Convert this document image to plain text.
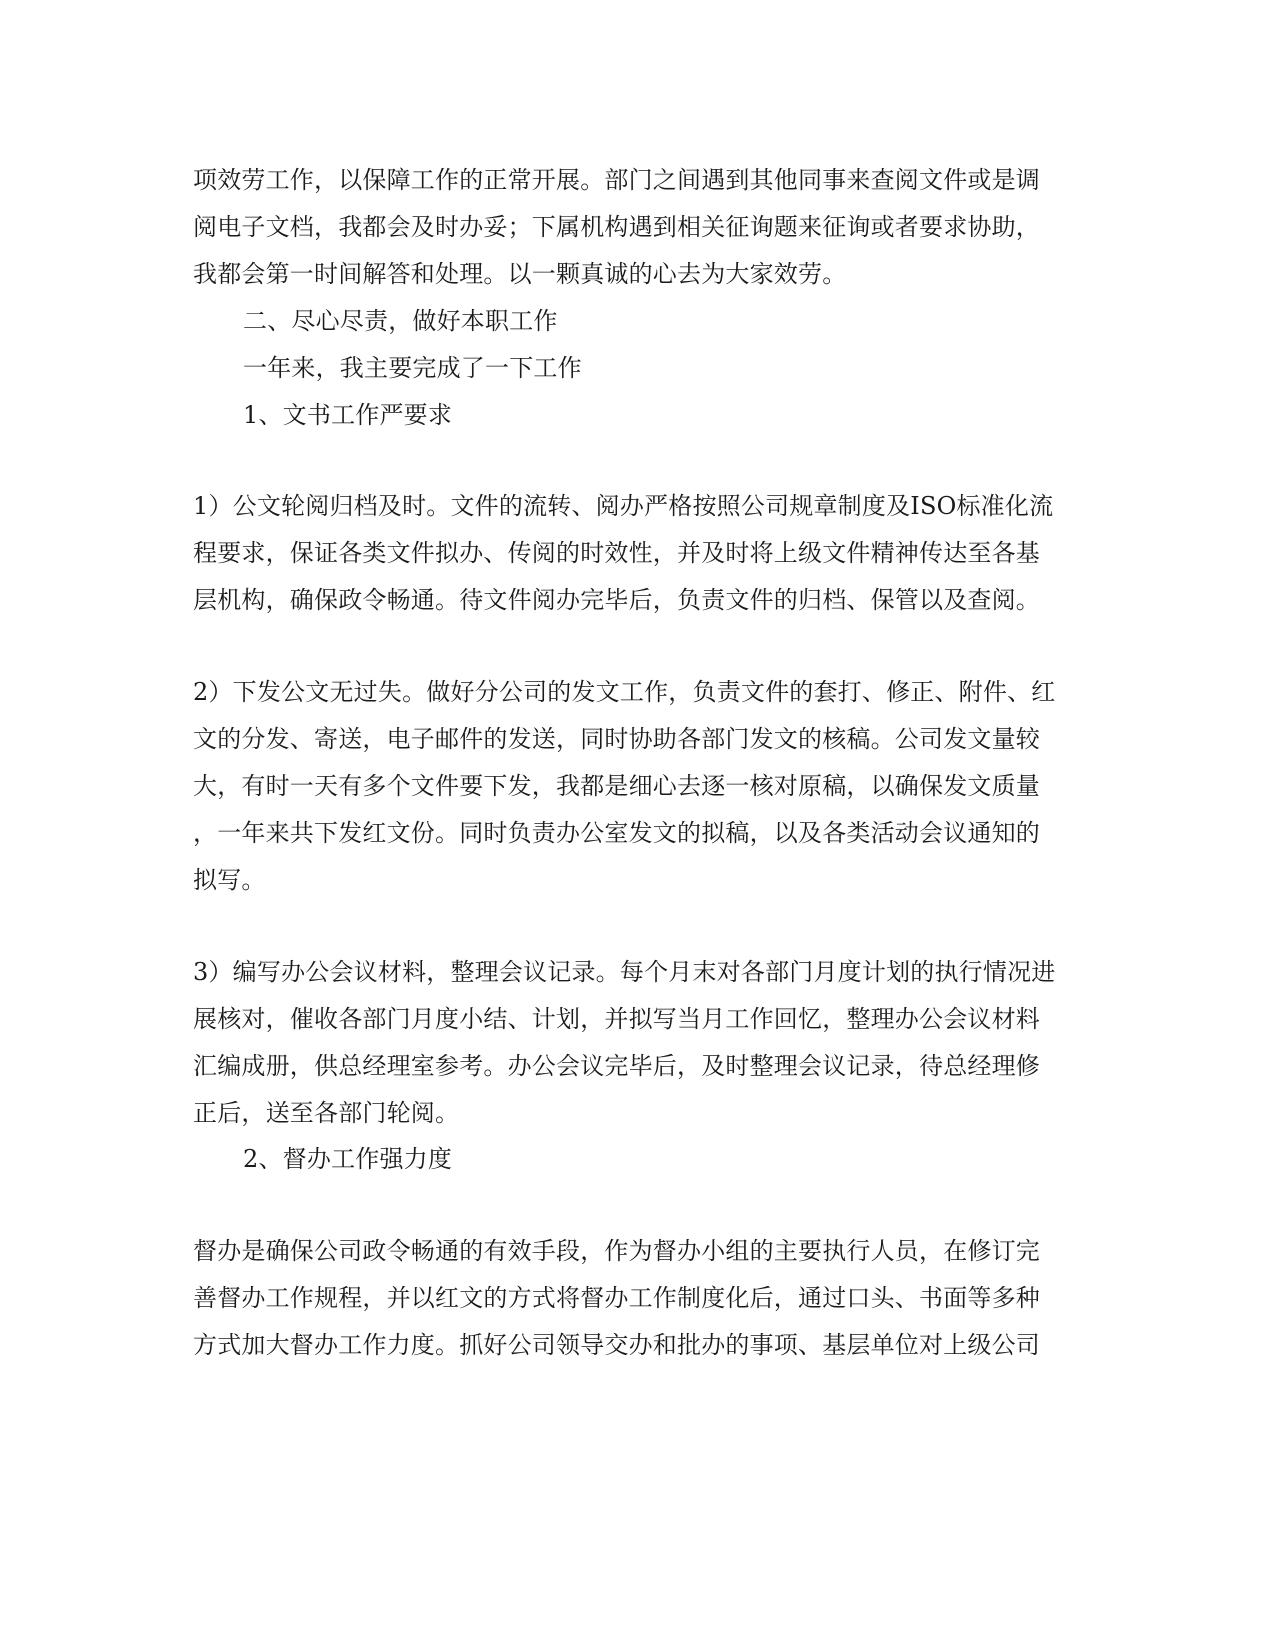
项效劳工作，以保障工作的正常开展。部门之间遇到其他同事来查阅文件或是调
阅电子文档，我都会及时办妥；下属机构遇到相关征询题来征询或者要求协助，
我都会第一时间解答和处理。以一颗真诚的心去为大家效劳。
二、尽心尽责，做好本职工作
一年来，我主要完成了一下工作
1、文书工作严要求
1）公文轮阅归档及时。文件的流转、阅办严格按照公司规章制度及ISO标准化流
程要求，保证各类文件拟办、传阅的时效性，并及时将上级文件精神传达至各基
层机构，确保政令畅通。待文件阅办完毕后，负责文件的归档、保管以及查阅。
2）下发公文无过失。做好分公司的发文工作，负责文件的套打、修正、附件、红
文的分发、寄送，电子邮件的发送，同时协助各部门发文的核稿。公司发文量较
大，有时一天有多个文件要下发，我都是细心去逐一核对原稿，以确保发文质量
，一年来共下发红文份。同时负责办公室发文的拟稿，以及各类活动会议通知的
拟写。
3）编写办公会议材料，整理会议记录。每个月末对各部门月度计划的执行情况进
展核对，催收各部门月度小结、计划，并拟写当月工作回忆，整理办公会议材料
汇编成册，供总经理室参考。办公会议完毕后，及时整理会议记录，待总经理修
正后，送至各部门轮阅。
2、督办工作强力度
督办是确保公司政令畅通的有效手段，作为督办小组的主要执行人员，在修订完
善督办工作规程，并以红文的方式将督办工作制度化后，通过口头、书面等多种
方式加大督办工作力度。抓好公司领导交办和批办的事项、基层单位对上级公司
